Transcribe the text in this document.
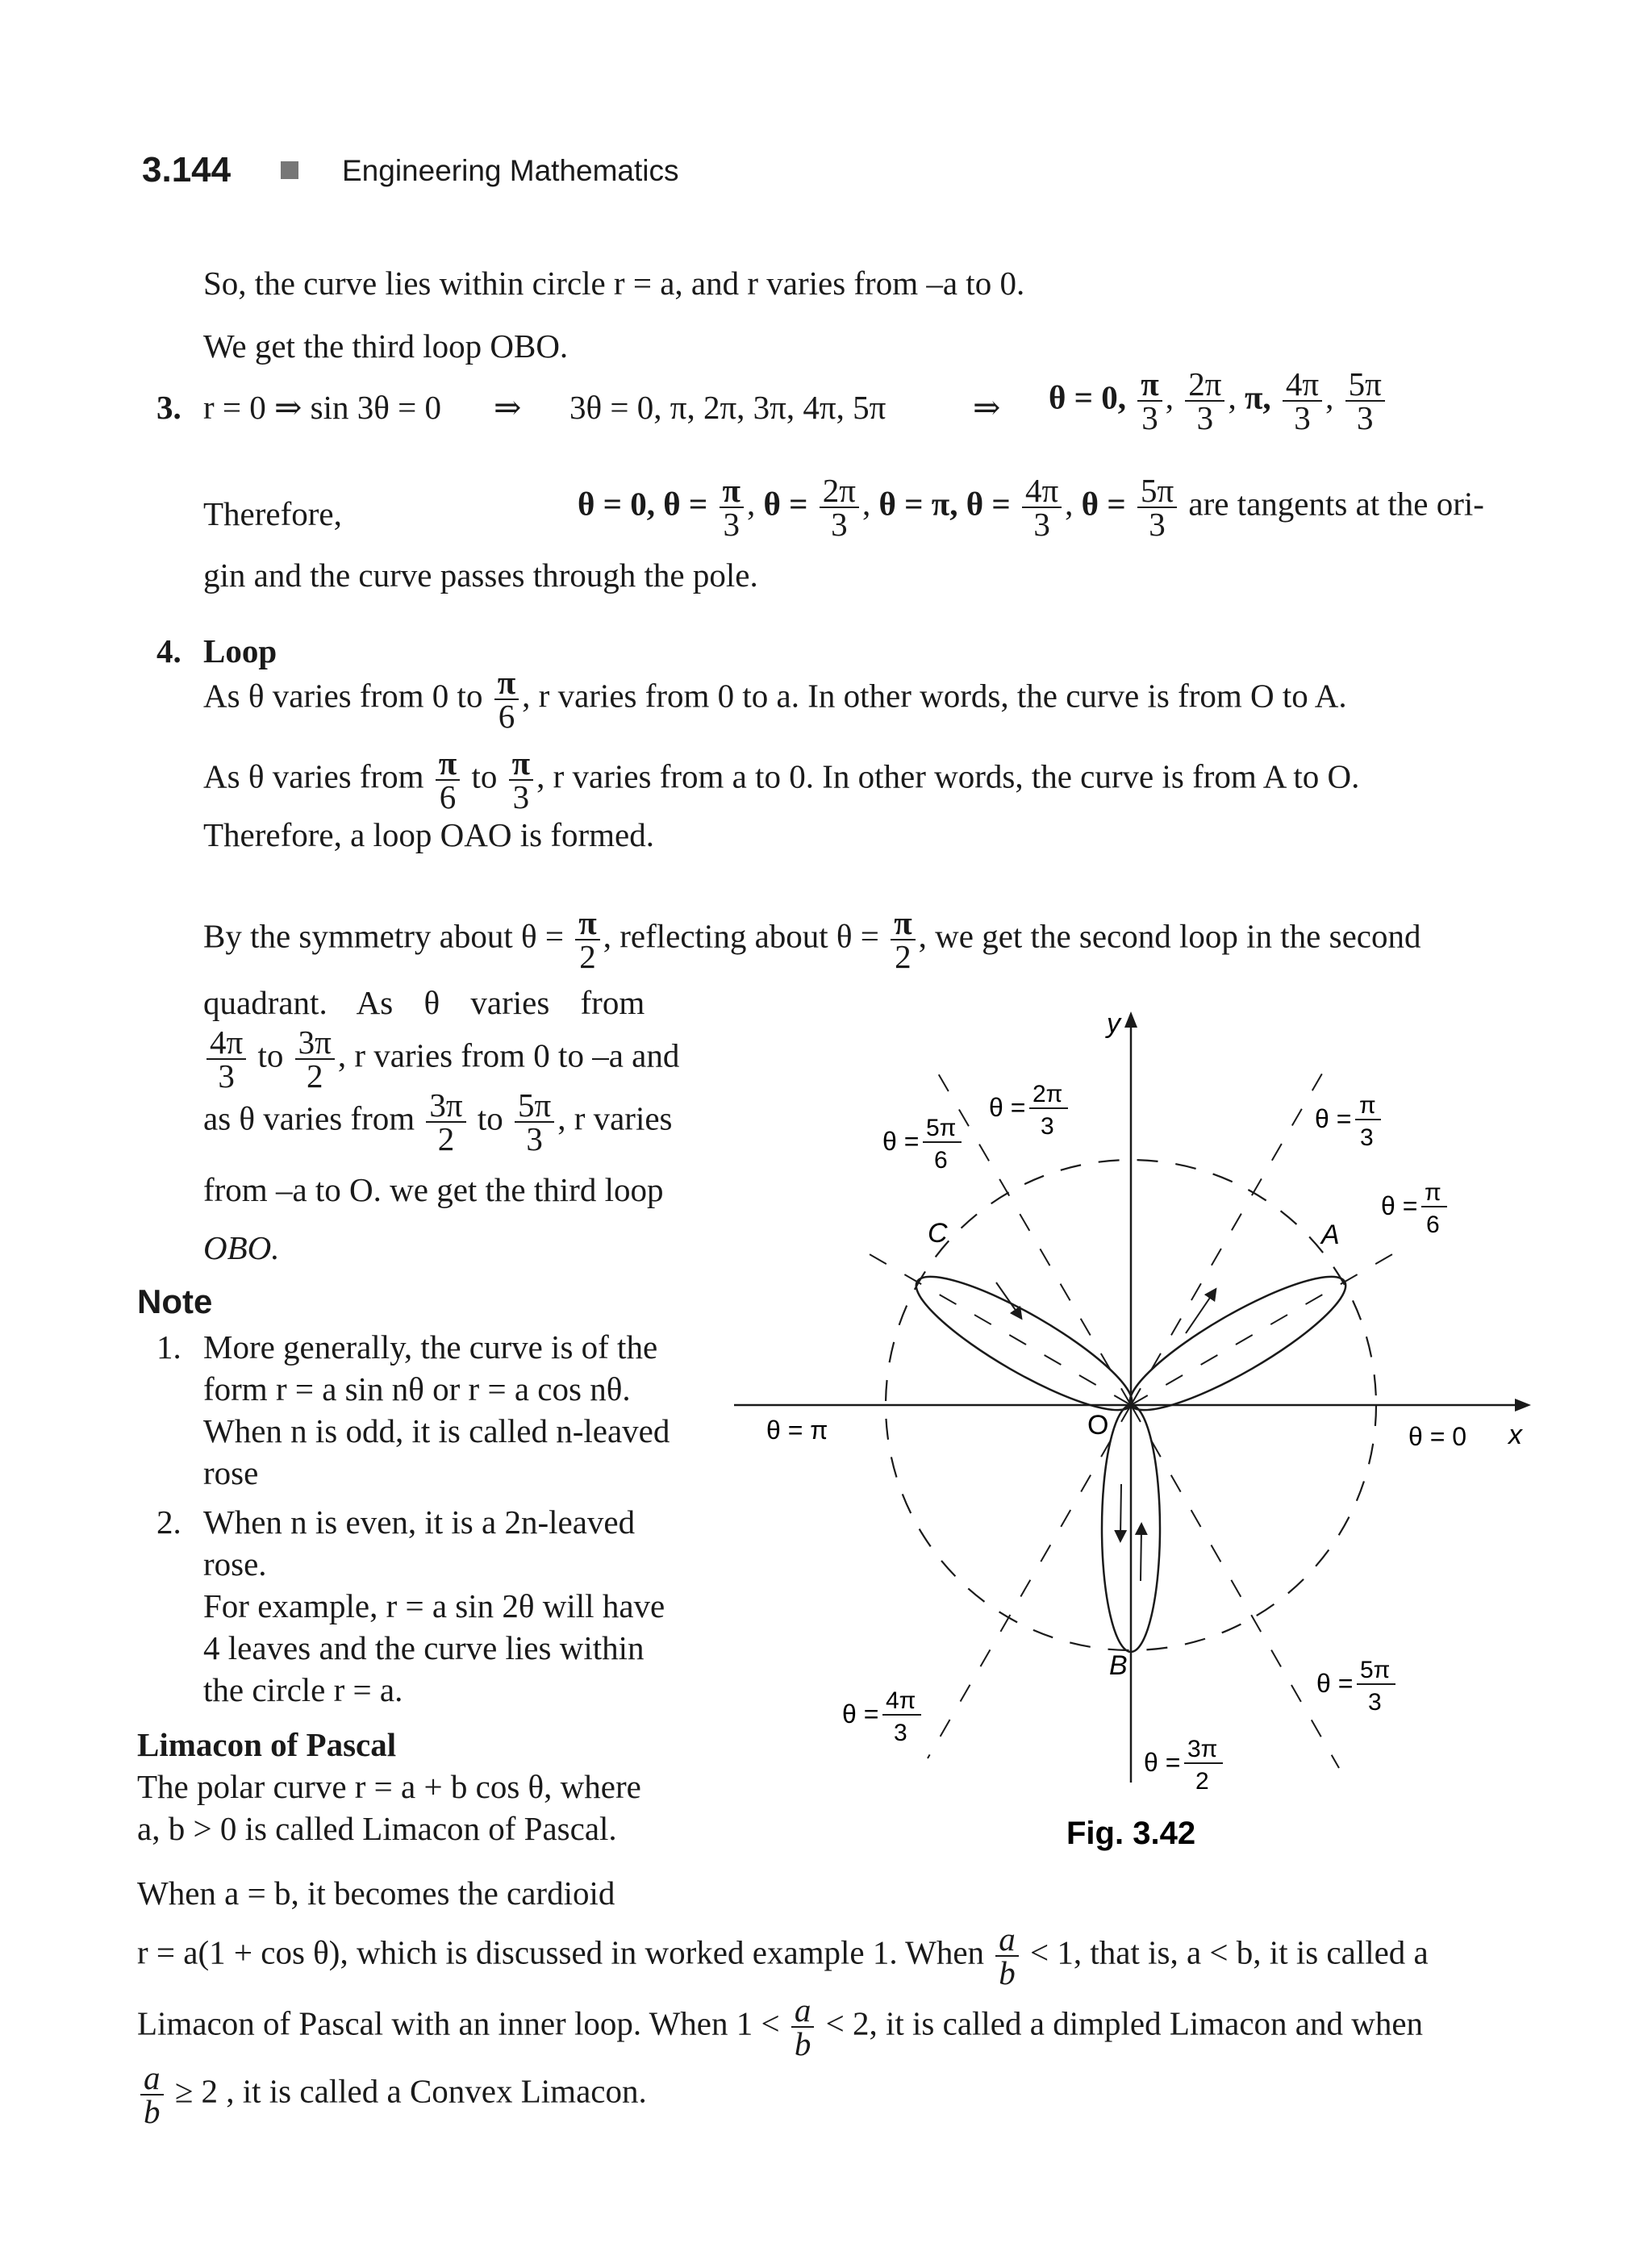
3.144	Engineering Mathematics
So, the curve lies within circle r = a, and r varies from –a to 0.
We get the third loop OBO.
3. r = 0 ⇒ sin 3θ = 0 ⇒ 3θ = 0, π, 2π, 3π, 4π, 5π	⇒ θ = 0, $\frac{\pi}{3}$ , $\frac{2\pi}{3}$ , π, $\frac{4\pi}{3}$ , $\frac{5\pi}{3}$
Therefore,	θ = 0, $\theta = \frac{\pi}{3}$ , $\theta = \frac{2\pi}{3}$ , θ = π, $\theta = \frac{4\pi}{3}$ , $\theta = \frac{5\pi}{3}$ are tangents at the ori-
gin and the curve passes through the pole.
4. Loop
As θ varies from 0 to $\frac{\pi}{6}$ , r varies from 0 to a. In other words, the curve is from O to A.
As θ varies from $\frac{\pi}{6}$ to $\frac{\pi}{3}$ , r varies from a to 0. In other words, the curve is from A to O.
Therefore, a loop OAO is formed.
By the symmetry about $\theta = \frac{\pi}{2}$ , reflecting about $\theta = \frac{\pi}{2}$ , we get the second loop in the second
quadrant. As θ varies from
$\frac{4\pi}{3}$ to $\frac{3\pi}{2}$ , r varies from 0 to –a and
as θ varies from $\frac{3\pi}{2}$ to $\frac{5\pi}{3}$ , r varies
from –a to O. we get the third loop
OBO.
Note
1. More generally, the curve is of the
form r = a sin nθ or r = a cos nθ.
When n is odd, it is called n-leaved
rose
2. When n is even, it is a 2n-leaved
rose.
For example, r = a sin 2θ will have
4 leaves and the curve lies within
the circle r = a.
Limacon of Pascal
The polar curve r = a + b cos θ, where
a, b > 0 is called Limacon of Pascal.
When a = b, it becomes the cardioid
r = a(1 + cos θ), which is discussed in worked example 1. When $\frac{a}{b} < 1$, that is, a < b, it is called a
Limacon of Pascal with an inner loop. When $1 < \frac{a}{b} < 2$, it is called a dimpled Limacon and when
$\frac{a}{b} \ge 2$ , it is called a Convex Limacon.
y
x
O
A
C
B
θ = 0
θ = π
θ = π
3
θ = π
6
θ = 2π
3
θ = 5π
6
θ = 4π
3
θ = 3π
2
θ = 5π
3
Fig. 3.42
